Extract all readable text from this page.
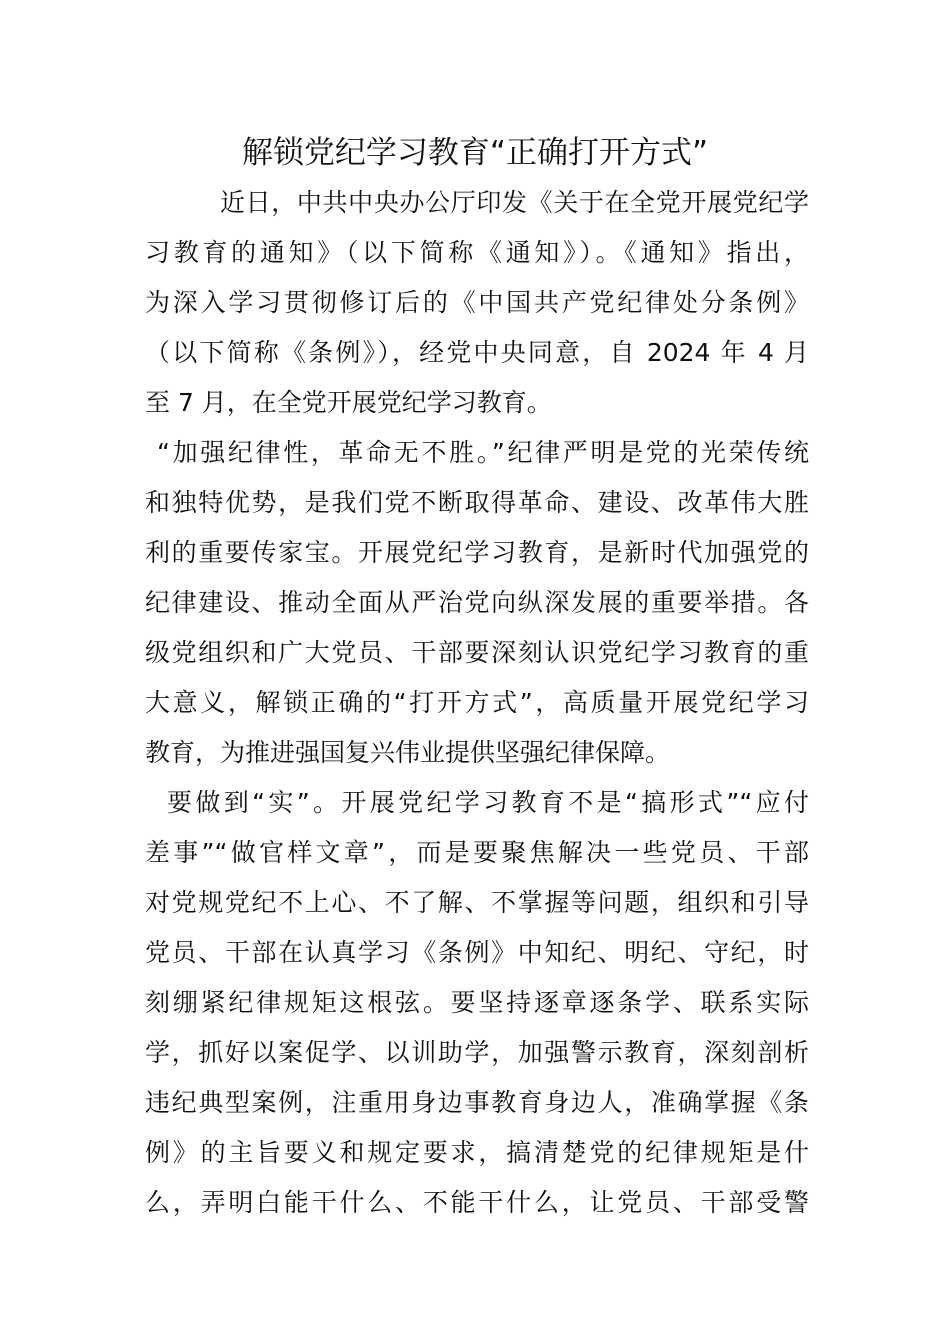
解锁党纪学习教育“正确打开方式”
近日，中共中央办公厅印发《关于在全党开展党纪学
习教育的通知》（以下简称《通知》）。《通知》指出，
为深入学习贯彻修订后的《中国共产党纪律处分条例》
（以下简称《条例》），经党中央同意，自 2024 年 4 月
至 7 月，在全党开展党纪学习教育。
“加强纪律性，革命无不胜。”纪律严明是党的光荣传统
和独特优势，是我们党不断取得革命、建设、改革伟大胜
利的重要传家宝。开展党纪学习教育，是新时代加强党的
纪律建设、推动全面从严治党向纵深发展的重要举措。各
级党组织和广大党员、干部要深刻认识党纪学习教育的重
大意义，解锁正确的“打开方式”，高质量开展党纪学习
教育，为推进强国复兴伟业提供坚强纪律保障。
要做到“实”。开展党纪学习教育不是“搞形式”“应付
差事”“做官样文章”，而是要聚焦解决一些党员、干部
对党规党纪不上心、不了解、不掌握等问题，组织和引导
党员、干部在认真学习《条例》中知纪、明纪、守纪，时
刻绷紧纪律规矩这根弦。要坚持逐章逐条学、联系实际
学，抓好以案促学、以训助学，加强警示教育，深刻剖析
违纪典型案例，注重用身边事教育身边人，准确掌握《条
例》的主旨要义和规定要求，搞清楚党的纪律规矩是什
么，弄明白能干什么、不能干什么，让党员、干部受警
